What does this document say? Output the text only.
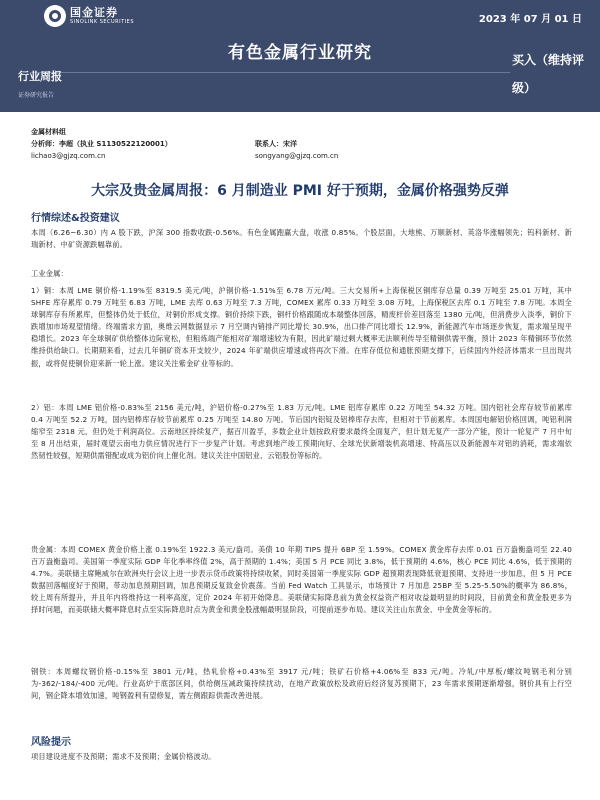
国金证券
SINOLINK SECURITIES	2023 年 07 月 01 日
有色金属行业研究	买入（维持评级）
行业周报
证券研究报告
金属材料组
分析师：李超（执业 S1130522120001）	联系人：宋洋
lichao3@gjzq.com.cn	songyang@gjzq.com.cn
大宗及贵金属周报：6 月制造业 PMI 好于预期，金属价格强势反弹
行情综述&投资建议
本周（6.26~6.30）内 A 股下跌，沪深 300 指数收跌-0.56%。有色金属跑赢大盘，收涨 0.85%。个股层面，大地熊、万顺新材、英洛华涨幅领先；钨科新材、新瑞新材、中矿资源跌幅靠前。
工业金属：
1）铜：本周 LME 铜价格-1.19%至 8319.5 美元/吨，沪铜价格-1.51%至 6.78 万元/吨。三大交易所+上海保税区铜库存总量 0.39 万吨至 25.01 万吨，其中 SHFE 库存累库 0.79 万吨至 6.83 万吨，LME 去库 0.63 万吨至 7.3 万吨，COMEX 累库 0.33 万吨至 3.08 万吨，上海保税区去库 0.1 万吨至 7.8 万吨。本周全球铜库存有所累库，但整体仍处于低位，对铜价形成支撑。铜价持续下跌，铜杆价格跟随成本端整体回落，精废杆价差回落至 1380 元/吨，但消费步入淡季，铜价下跌增加市场观望情绪。终端需求方面，奥维云网数据显示 7 月空调内销排产同比增长 30.9%，出口排产同比增长 12.9%，新能源汽车市场逐步恢复，需求端呈现平稳增长。2023 年全球铜矿供给整体边际宽松，但粗炼端产能相对矿端增速较为有限，因此矿端过剩大概率无法顺利传导至精铜供需平衡，预计 2023 年精铜环节依然维持供给缺口。长期期来看，过去几年铜矿资本开支较少，2024 年矿端供应增速或将再次下滑。在库存低位和通胀预期支撑下，后续国内外经济体需求一旦出现共振，或将促使铜价迎来新一轮上涨。建议关注紫金矿业等标的。
2）铝：本周 LME 铝价格-0.83%至 2156 美元/吨，沪铝价格-0.27%至 1.83 万元/吨。LME 铝库存累库 0.22 万吨至 54.32 万吨。国内铝社会库存较节前累库 0.4 万吨至 52.2 万吨，国内铝棒库存较节前累库 0.25 万吨至 14.80 万吨。节后国内铝锭及铝棒库存去库，但相对于节前累库。本周国电解铝价格回调，吨铝利润缩窄至 2318 元，但仍处于利润高位。云南地区持续复产，据百川盈孚，多数企业计划按政府要求最终全面复产，但计划无复产一部分产能，预计一轮复产 7 月中旬至 8 月出结束，届时观望云南电力供应情况进行下一步复产计划。考虑到地产竣工预期向好、全球光伏新增装机高增速、特高压以及新能源车对铝的消耗，需求端依然韧性较强，短期供需错配或成为铝价向上催化剂。建议关注中国铝业、云铝股份等标的。
贵金属：本周 COMEX 黄金价格上涨 0.19%至 1922.3 美元/盎司。美债 10 年期 TIPS 提升 6BP 至 1.59%。COMEX 黄金库存去库 0.01 百万盎衡盎司至 22.40 百万盎衡盎司。美国第一季度实际 GDP 年化季率终值 2%，高于预期的 1.4%；美国 5 月 PCE 同比 3.8%，低于预期的 4.6%，核心 PCE 同比 4.6%，低于预期的 4.7%。美联储主席鲍威尔在欧洲央行会议上进一步表示货币政策将持续收紧，同时美国第一季度实际 GDP 超预期表现降低衰退预期、支持进一步加息，但 5 月 PCE 数据回落幅度好于预期，带动加息预期回调，加息预期反复致金价震荡。当前 Fed Watch 工具显示，市场预计 7 月加息 25BP 至 5.25-5.50%的概率为 86.8%，较上周有所提升，并且年内将维持这一利率高度，定价 2024 年初开始降息。美联储实际降息前为黄金权益资产相对收益最明显的时间段，目前黄金和黄金股更多为择时问题，而美联储大概率降息时点至实际降息时点为黄金和黄金股涨幅最明显阶段，可提前逐步布局。建议关注山东黄金、中金黄金等标的。
钢铁：本周螺纹钢价格-0.15%至 3801 元/吨，热轧价格+0.43%至 3917 元/吨；铁矿石价格+4.06%至 833 元/吨。冷轧/中厚板/螺纹吨钢毛利分别为-362/-184/-400 元/吨。行业高炉于底部区间，供给侧压减政策持续扰动，在地产政策放松及政府后经济复苏预期下，23 年需求预期逐渐增强，钢价具有上行空间，钢企降本增效加速，吨钢盈利有望修复，需左侧跟踪供需改善进展。
风险提示
项目建设进度不及预期；需求不及预期；金属价格波动。
